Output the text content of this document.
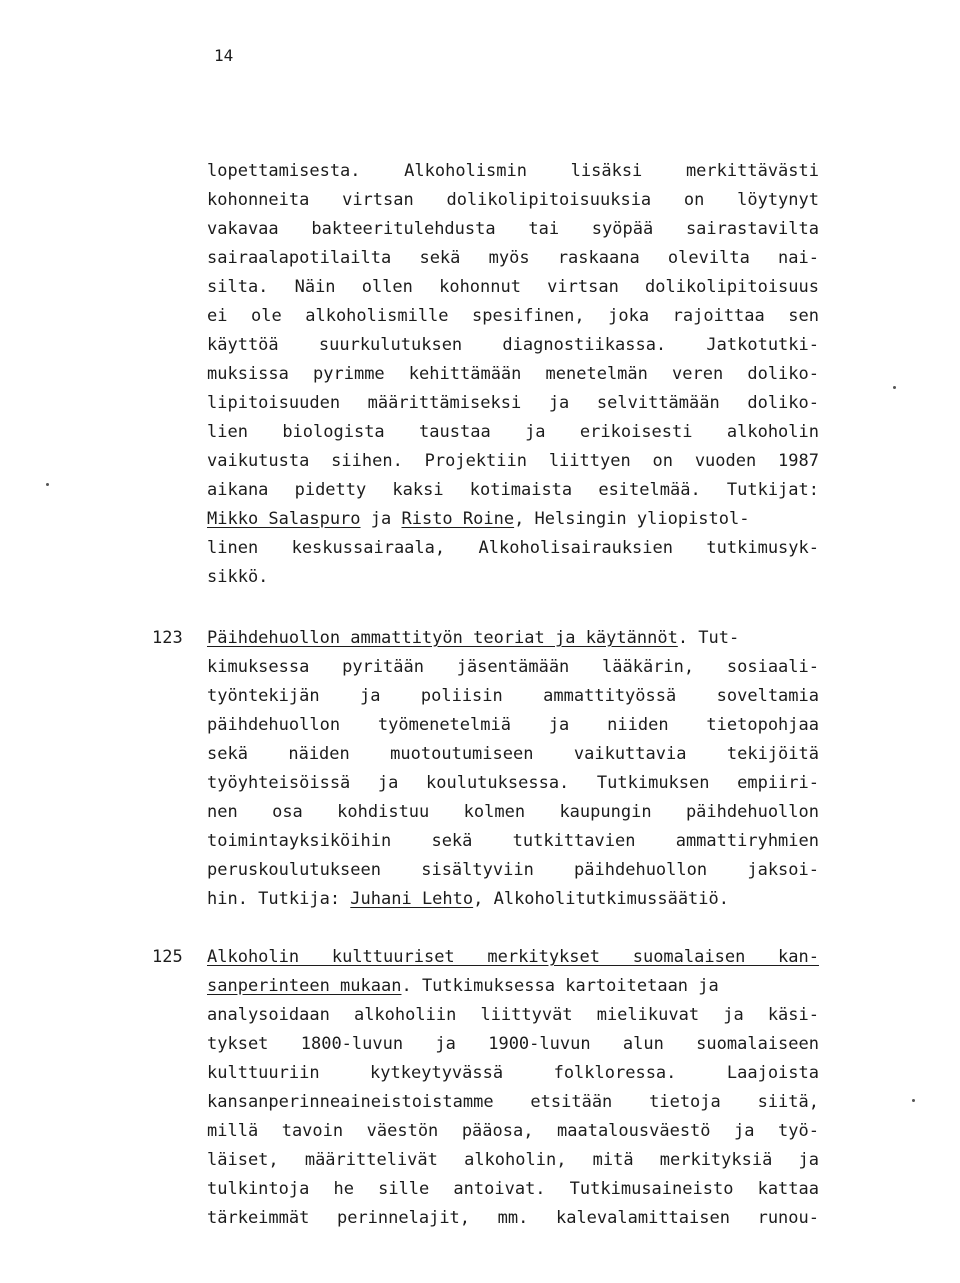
14
lopettamisesta. Alkoholismin lisäksi merkittävästi
kohonneita virtsan dolikolipitoisuuksia on löytynyt
vakavaa bakteeritulehdusta tai syöpää sairastavilta
sairaalapotilailta sekä myös raskaana olevilta nai-
silta. Näin ollen kohonnut virtsan dolikolipitoisuus
ei ole alkoholismille spesifinen, joka rajoittaa sen
käyttöä suurkulutuksen diagnostiikassa. Jatkotutki-
muksissa pyrimme kehittämään menetelmän veren doliko-
lipitoisuuden määrittämiseksi ja selvittämään doliko-
lien biologista taustaa ja erikoisesti alkoholin
vaikutusta siihen. Projektiin liittyen on vuoden 1987
aikana pidetty kaksi kotimaista esitelmää. Tutkijat:
Mikko Salaspuro ja Risto Roine, Helsingin yliopistol-
linen keskussairaala, Alkoholisairauksien tutkimusyk-
sikkö.
123 Päihdehuollon ammattityön teoriat ja käytännöt. Tut-
kimuksessa pyritään jäsentämään lääkärin, sosiaali-
työntekijän ja poliisin ammattityössä soveltamia
päihdehuollon työmenetelmiä ja niiden tietopohjaa
sekä näiden muotoutumiseen vaikuttavia tekijöitä
työyhteisöissä ja koulutuksessa. Tutkimuksen empiiri-
nen osa kohdistuu kolmen kaupungin päihdehuollon
toimintayksiköihin sekä tutkittavien ammattiryhmien
peruskoulutukseen sisältyviin päihdehuollon jaksoi-
hin. Tutkija: Juhani Lehto, Alkoholitutkimussäätiö.
125 Alkoholin kulttuuriset merkitykset suomalaisen kan-
sanperinteen mukaan. Tutkimuksessa kartoitetaan ja
analysoidaan alkoholiin liittyvät mielikuvat ja käsi-
tykset 1800-luvun ja 1900-luvun alun suomalaiseen
kulttuuriin kytkeytyvässä folkloressa. Laajoista
kansanperinneaineistoistamme etsitään tietoja siitä,
millä tavoin väestön pääosa, maatalousväestö ja työ-
läiset, määrittelivät alkoholin, mitä merkityksiä ja
tulkintoja he sille antoivat. Tutkimusaineisto kattaa
tärkeimmät perinnelajit, mm. kalevalamittaisen runou-
